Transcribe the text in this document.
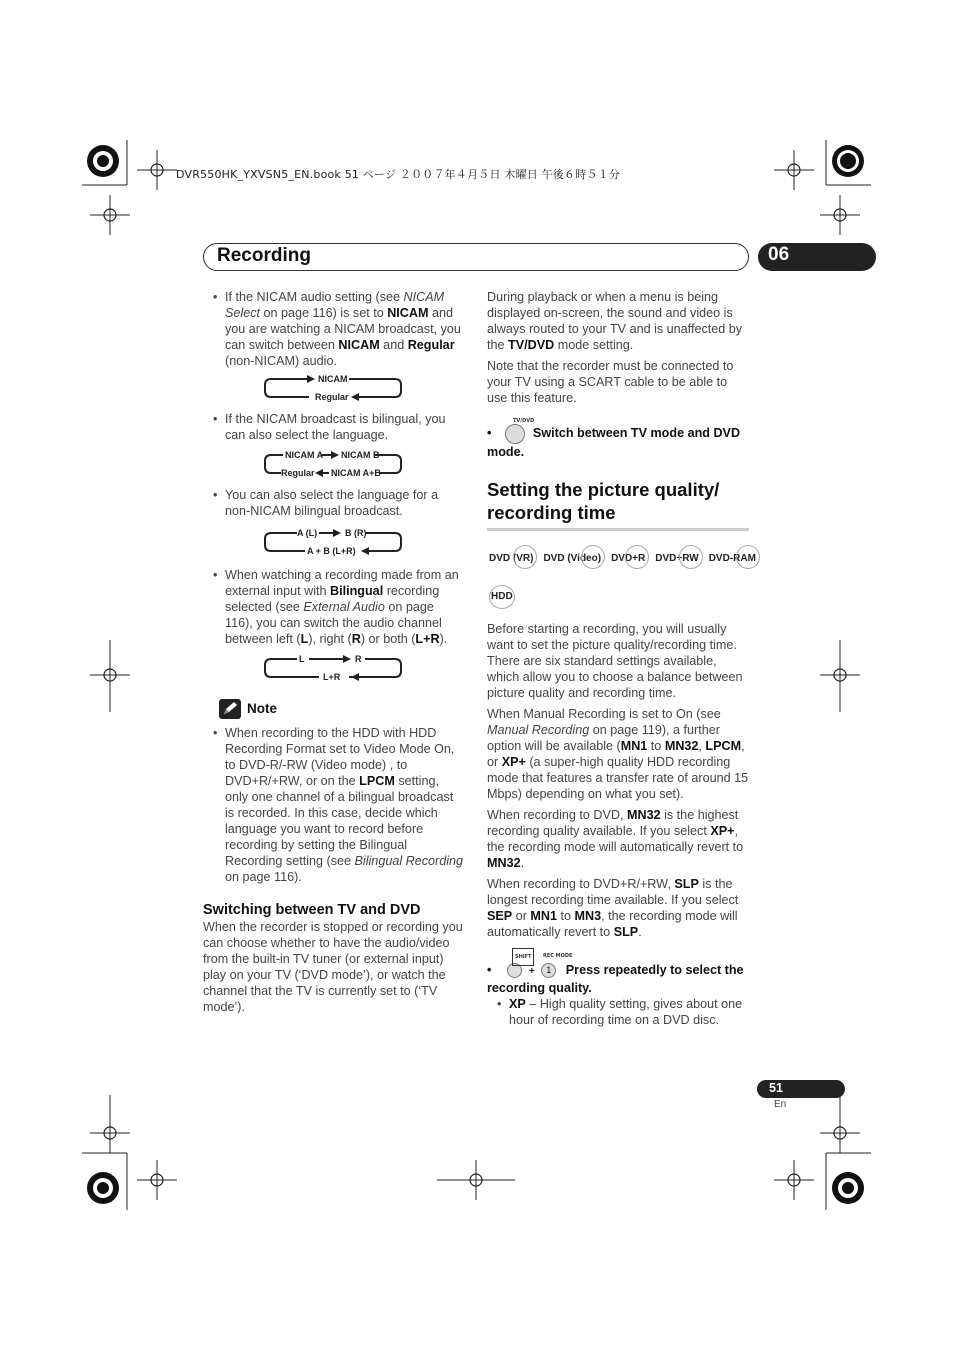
DVR550HK_YXVSN5_EN.book 51 ページ ２００７年４月５日 木曜日 午後６時５１分
Recording	06
• If the NICAM audio setting (see NICAM Select on page 116) is set to NICAM and you are watching a NICAM broadcast, you can switch between NICAM and Regular (non-NICAM) audio.
NICAM
Regular
• If the NICAM broadcast is bilingual, you can also select the language.
NICAM A NICAM B
Regular NICAM A+B
• You can also select the language for a non-NICAM bilingual broadcast.
A (L)	B (R)
A + B (L+R)
• When watching a recording made from an external input with Bilingual recording selected (see External Audio on page 116), you can switch the audio channel between left (L), right (R) or both (L+R).
L	R
L+R
Note
• When recording to the HDD with HDD Recording Format set to Video Mode On, to DVD-R/-RW (Video mode) , to DVD+R/+RW, or on the LPCM setting, only one channel of a bilingual broadcast is recorded. In this case, decide which language you want to record before recording by setting the Bilingual Recording setting (see Bilingual Recording on page 116).
Switching between TV and DVD

When the recorder is stopped or recording you can choose whether to have the audio/video from the built-in TV tuner (or external input) play on your TV (‘DVD mode’), or watch the channel that the TV is currently set to (‘TV mode’).

During playback or when a menu is being displayed on-screen, the sound and video is always routed to your TV and is unaffected by the TV/DVD mode setting.

Note that the recorder must be connected to your TV using a SCART cable to be able to use this feature.

TV/DVD
•	Switch between TV mode and DVD mode.
Setting the picture quality/ recording time
DVD (VR) DVD (Video) DVD+R DVD+RW DVD-RAM
HDD

Before starting a recording, you will usually want to set the picture quality/recording time. There are six standard settings available, which allow you to choose a balance between picture quality and recording time.

When Manual Recording is set to On (see Manual Recording on page 119), a further option will be available (MN1 to MN32, LPCM, or XP+ (a super-high quality HDD recording mode that features a transfer rate of around 15 Mbps) depending on what you set).

When recording to DVD, MN32 is the highest recording quality available. If you select XP+, the recording mode will automatically revert to MN32.

When recording to DVD+R/+RW, SLP is the longest recording time available. If you select SEP or MN1 to MN3, the recording mode will automatically revert to SLP.

SHIFT	REC MODE
•	+ 1 Press repeatedly to select the recording quality.
• XP – High quality setting, gives about one hour of recording time on a DVD disc.
51
En
